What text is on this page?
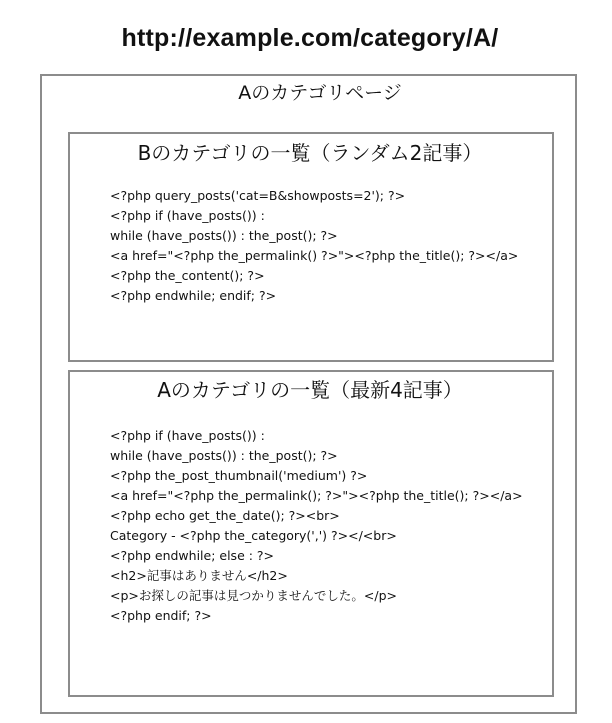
http://example.com/category/A/
Aのカテゴリページ
Bのカテゴリの一覧（ランダム2記事）
<?php query_posts('cat=B&showposts=2'); ?>
<?php if (have_posts()) :
while (have_posts()) : the_post(); ?>
<a href="<?php the_permalink() ?>"><?php the_title(); ?></a>
<?php the_content(); ?>
<?php endwhile; endif; ?>
Aのカテゴリの一覧（最新4記事）
<?php if (have_posts()) :
while (have_posts()) : the_post(); ?>
<?php the_post_thumbnail('medium') ?>
<a href="<?php the_permalink(); ?>"><?php the_title(); ?></a>
<?php echo get_the_date(); ?><br>
Category - <?php the_category(',') ?></<br>
<?php endwhile; else : ?>
<h2>記事はありません</h2>
<p>お探しの記事は見つかりませんでした。</p>
<?php endif; ?>
